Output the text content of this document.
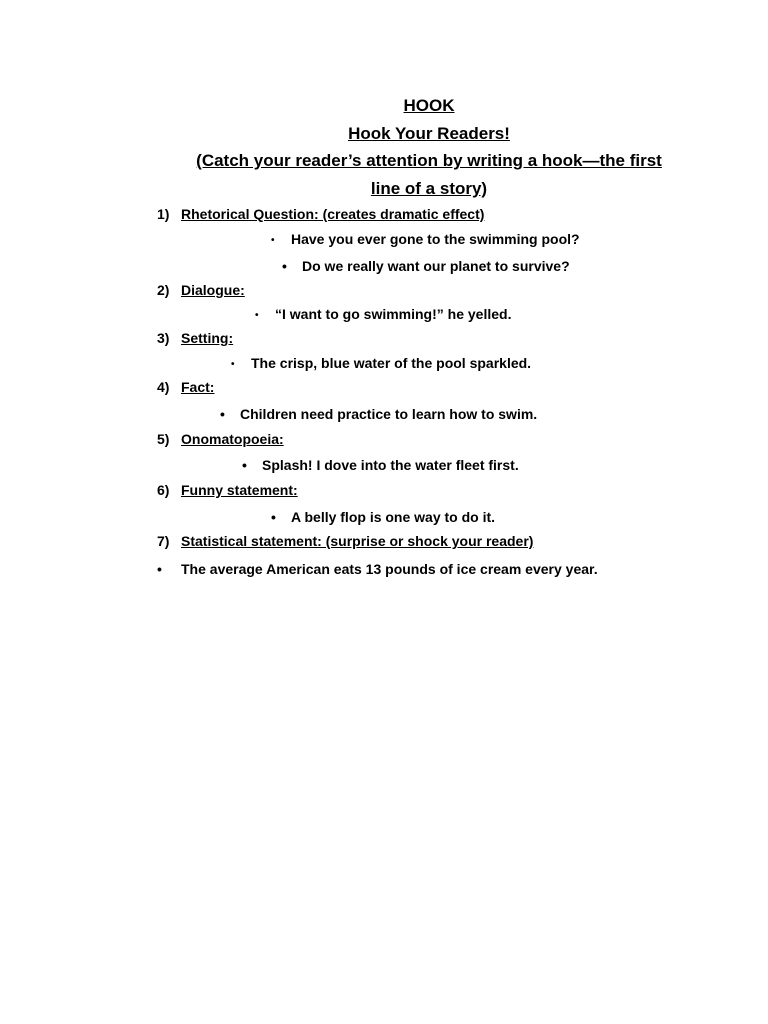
HOOK
Hook Your Readers!
(Catch your reader’s attention by writing a hook—the first
line of a story)
1) Rhetorical Question: (creates dramatic effect)
• Have you ever gone to the swimming pool?
• Do we really want our planet to survive?
2) Dialogue:
• “I want to go swimming!” he yelled.
3) Setting:
• The crisp, blue water of the pool sparkled.
4) Fact:
• Children need practice to learn how to swim.
5) Onomatopoeia:
• Splash! I dove into the water fleet first.
6) Funny statement:
• A belly flop is one way to do it.
7) Statistical statement: (surprise or shock your reader)
• The average American eats 13 pounds of ice cream every year.
